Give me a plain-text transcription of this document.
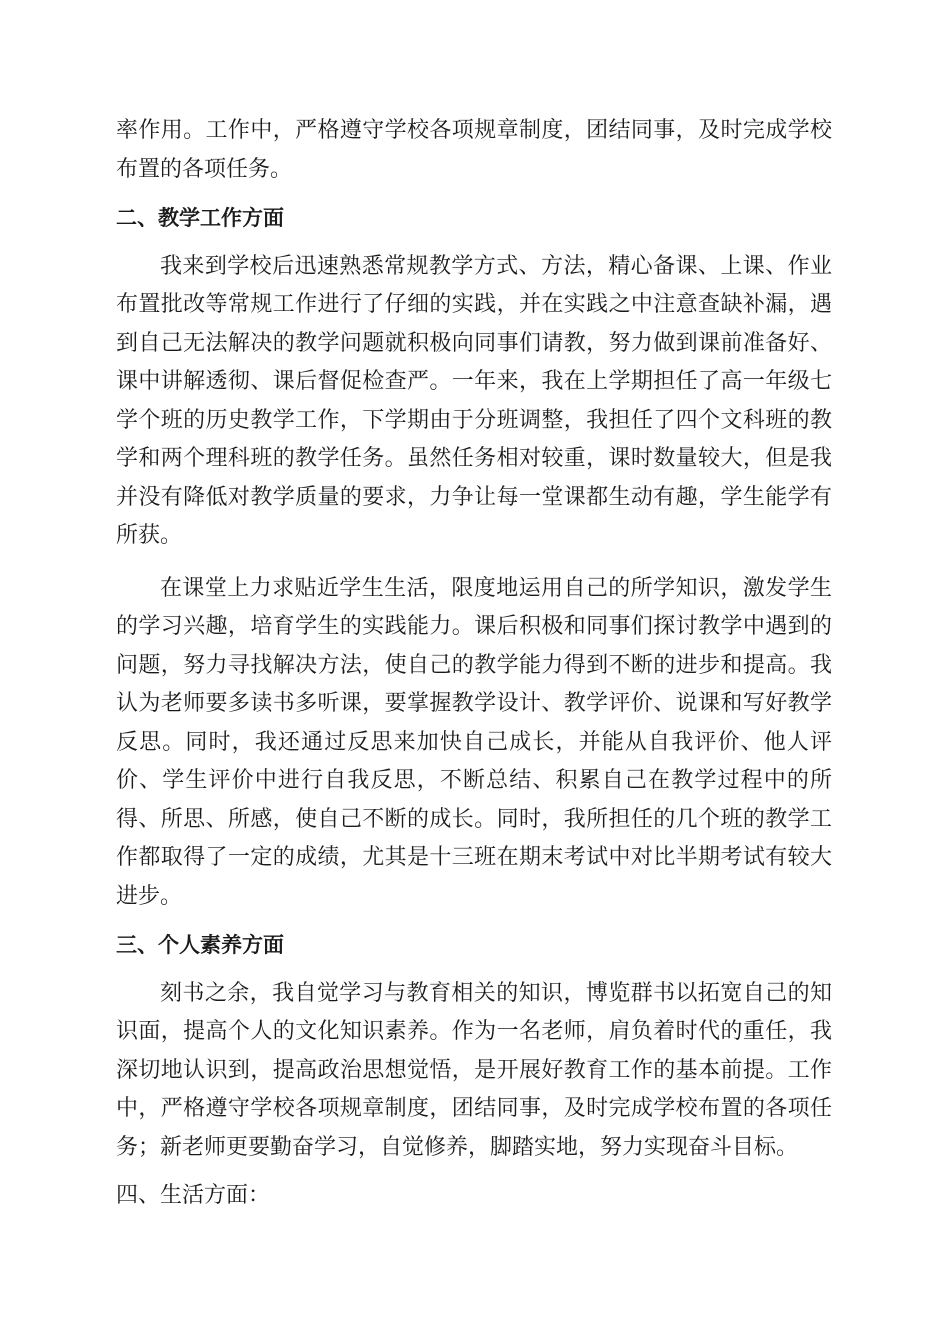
率作用。工作中，严格遵守学校各项规章制度，团结同事，及时完成学校布置的各项任务。

二、教学工作方面

我来到学校后迅速熟悉常规教学方式、方法，精心备课、上课、作业布置批改等常规工作进行了仔细的实践，并在实践之中注意查缺补漏，遇到自己无法解决的教学问题就积极向同事们请教，努力做到课前准备好、课中讲解透彻、课后督促检查严。一年来，我在上学期担任了高一年级七学个班的历史教学工作，下学期由于分班调整，我担任了四个文科班的教学和两个理科班的教学任务。虽然任务相对较重，课时数量较大，但是我并没有降低对教学质量的要求，力争让每一堂课都生动有趣，学生能学有所获。

在课堂上力求贴近学生生活，限度地运用自己的所学知识，激发学生的学习兴趣，培育学生的实践能力。课后积极和同事们探讨教学中遇到的问题，努力寻找解决方法，使自己的教学能力得到不断的进步和提高。我认为老师要多读书多听课，要掌握教学设计、教学评价、说课和写好教学反思。同时，我还通过反思来加快自己成长，并能从自我评价、他人评价、学生评价中进行自我反思，不断总结、积累自己在教学过程中的所得、所思、所感，使自己不断的成长。同时，我所担任的几个班的教学工作都取得了一定的成绩，尤其是十三班在期末考试中对比半期考试有较大进步。

三、个人素养方面

刻书之余，我自觉学习与教育相关的知识，博览群书以拓宽自己的知识面，提高个人的文化知识素养。作为一名老师，肩负着时代的重任，我深切地认识到，提高政治思想觉悟，是开展好教育工作的基本前提。工作中，严格遵守学校各项规章制度，团结同事，及时完成学校布置的各项任务；新老师更要勤奋学习，自觉修养，脚踏实地，努力实现奋斗目标。

四、生活方面：
